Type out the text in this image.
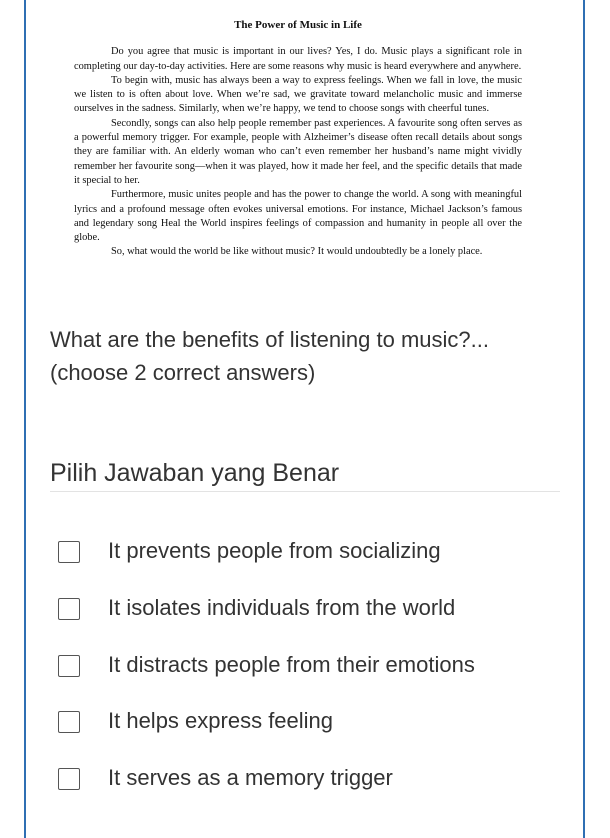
The Power of Music in Life

Do you agree that music is important in our lives? Yes, I do. Music plays a significant role in completing our day-to-day activities. Here are some reasons why music is heard everywhere and anywhere.

To begin with, music has always been a way to express feelings. When we fall in love, the music we listen to is often about love. When we’re sad, we gravitate toward melancholic music and immerse ourselves in the sadness. Similarly, when we’re happy, we tend to choose songs with cheerful tunes.

Secondly, songs can also help people remember past experiences. A favourite song often serves as a powerful memory trigger. For example, people with Alzheimer’s disease often recall details about songs they are familiar with. An elderly woman who can’t even remember her husband’s name might vividly remember her favourite song—when it was played, how it made her feel, and the specific details that made it special to her.

Furthermore, music unites people and has the power to change the world. A song with meaningful lyrics and a profound message often evokes universal emotions. For instance, Michael Jackson’s famous and legendary song Heal the World inspires feelings of compassion and humanity in people all over the globe.

So, what would the world be like without music? It would undoubtedly be a lonely place.

What are the benefits of listening to music?...
(choose 2 correct answers)
Pilih Jawaban yang Benar
It prevents people from socializing
It isolates individuals from the world
It distracts people from their emotions
It helps express feeling
It serves as a memory trigger
